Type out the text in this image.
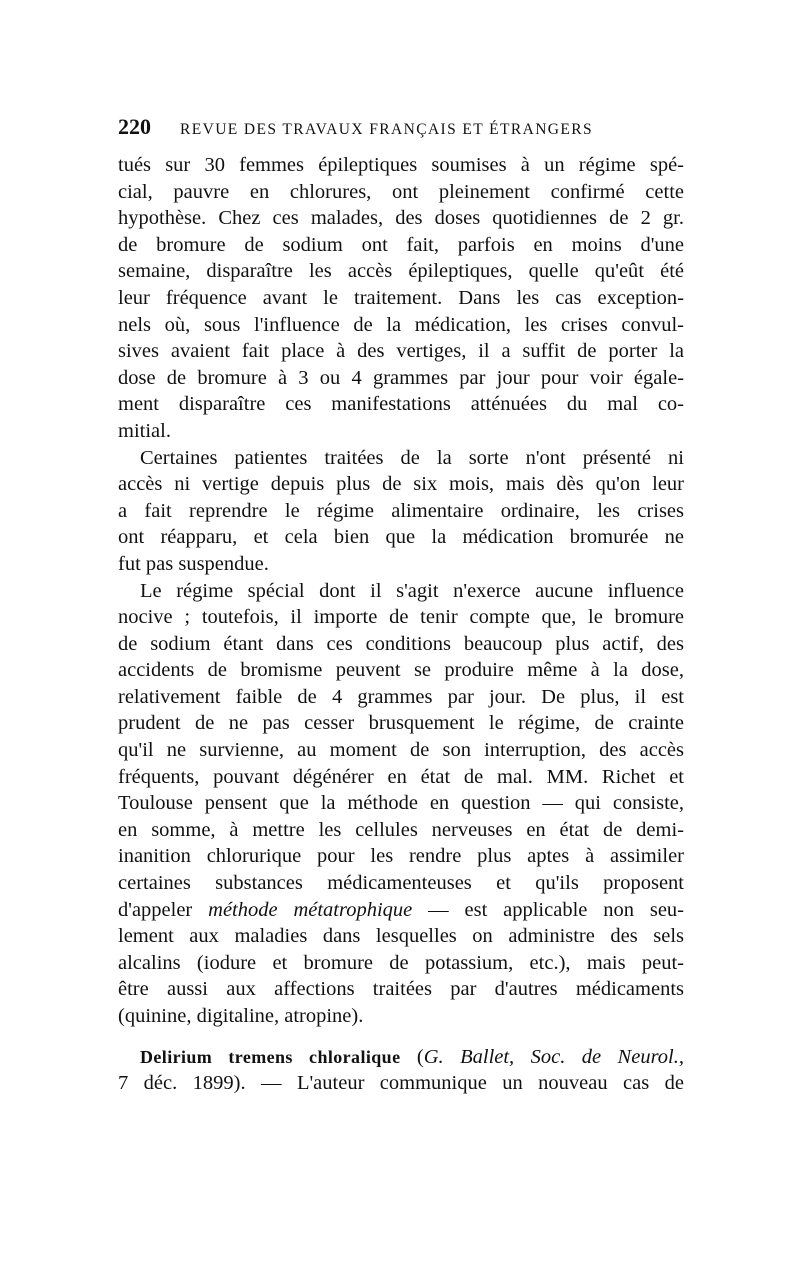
220	REVUE DES TRAVAUX FRANÇAIS ET ÉTRANGERS
tués sur 30 femmes épileptiques soumises à un régime spé-
cial, pauvre en chlorures, ont pleinement confirmé cette
hypothèse. Chez ces malades, des doses quotidiennes de 2 gr.
de bromure de sodium ont fait, parfois en moins d'une
semaine, disparaître les accès épileptiques, quelle qu'eût été
leur fréquence avant le traitement. Dans les cas exception-
nels où, sous l'influence de la médication, les crises convul-
sives avaient fait place à des vertiges, il a suffit de porter la
dose de bromure à 3 ou 4 grammes par jour pour voir égale-
ment disparaître ces manifestations atténuées du mal co-
mitial.
Certaines patientes traitées de la sorte n'ont présenté ni
accès ni vertige depuis plus de six mois, mais dès qu'on leur
a fait reprendre le régime alimentaire ordinaire, les crises
ont réapparu, et cela bien que la médication bromurée ne
fut pas suspendue.
Le régime spécial dont il s'agit n'exerce aucune influence
nocive ; toutefois, il importe de tenir compte que, le bromure
de sodium étant dans ces conditions beaucoup plus actif, des
accidents de bromisme peuvent se produire même à la dose,
relativement faible de 4 grammes par jour. De plus, il est
prudent de ne pas cesser brusquement le régime, de crainte
qu'il ne survienne, au moment de son interruption, des accès
fréquents, pouvant dégénérer en état de mal. MM. Richet et
Toulouse pensent que la méthode en question — qui consiste,
en somme, à mettre les cellules nerveuses en état de demi-
inanition chlorurique pour les rendre plus aptes à assimiler
certaines substances médicamenteuses et qu'ils proposent
d'appeler méthode métatrophique — est applicable non seu-
lement aux maladies dans lesquelles on administre des sels
alcalins (iodure et bromure de potassium, etc.), mais peut-
être aussi aux affections traitées par d'autres médicaments
(quinine, digitaline, atropine).
Delirium tremens chloralique (G. Ballet, Soc. de Neurol.,
7 déc. 1899). — L'auteur communique un nouveau cas de
